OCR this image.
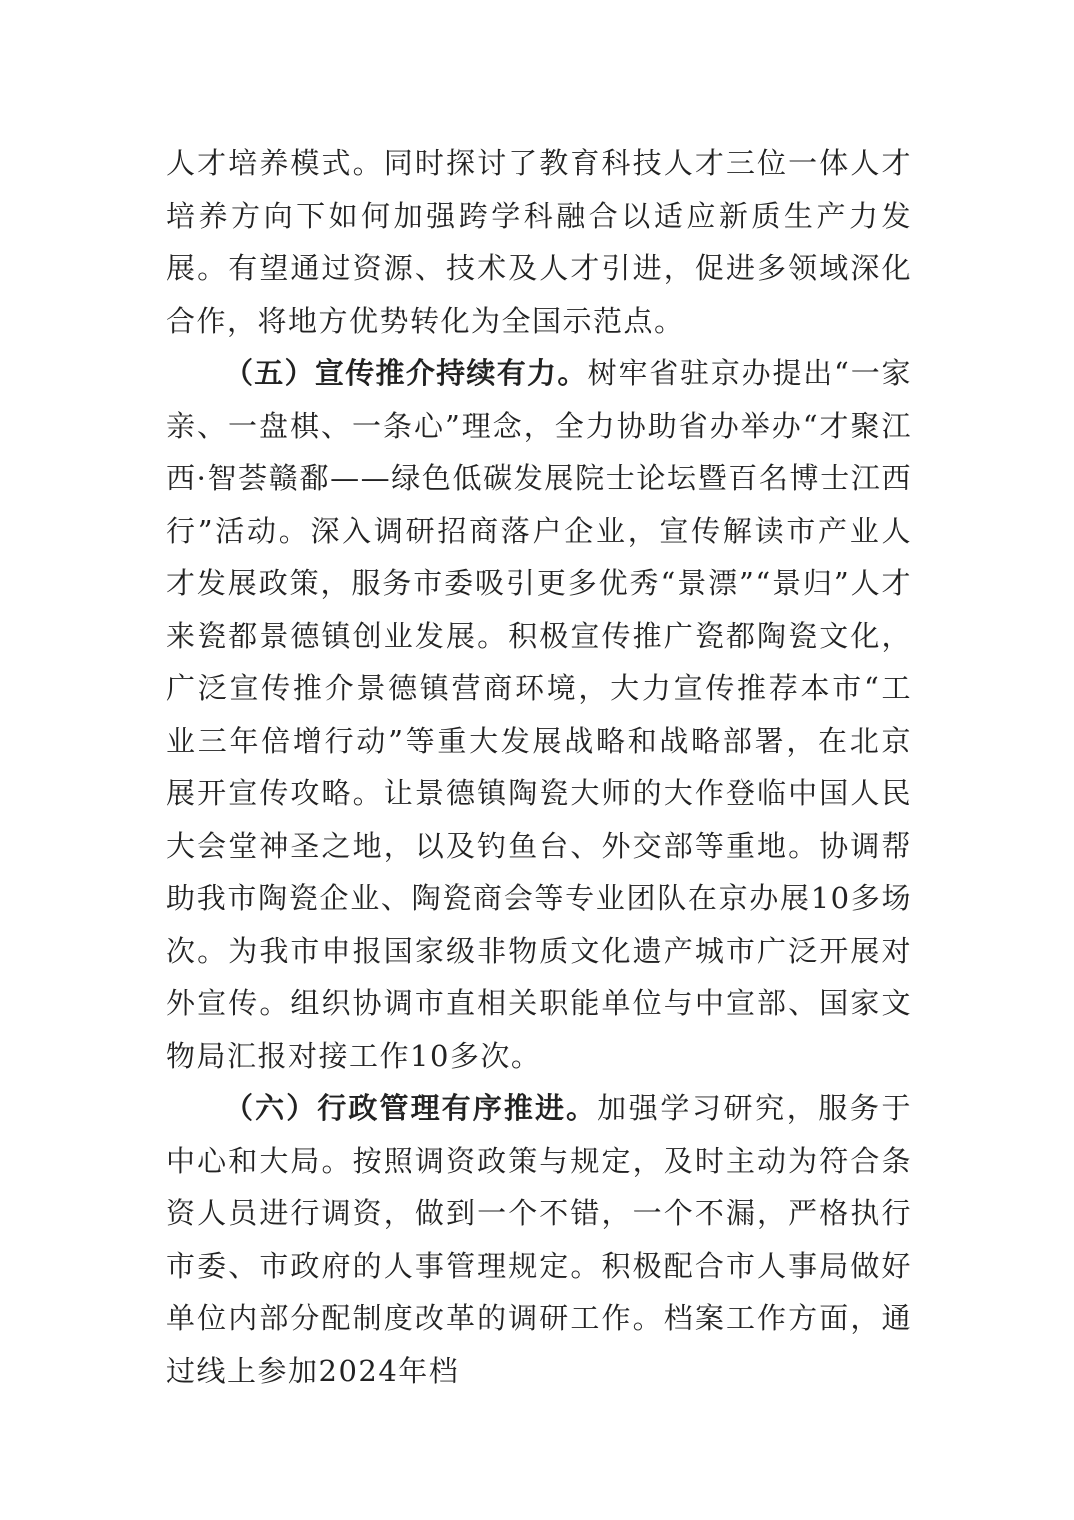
人才培养模式。同时探讨了教育科技人才三位一体人才培养方向下如何加强跨学科融合以适应新质生产力发展。有望通过资源、技术及人才引进，促进多领域深化合作，将地方优势转化为全国示范点。

（五）宣传推介持续有力。树牢省驻京办提出“一家亲、一盘棋、一条心”理念，全力协助省办举办“才聚江西·智荟赣鄱——绿色低碳发展院士论坛暨百名博士江西行”活动。深入调研招商落户企业，宣传解读市产业人才发展政策，服务市委吸引更多优秀“景漂”“景归”人才来瓷都景德镇创业发展。积极宣传推广瓷都陶瓷文化，广泛宣传推介景德镇营商环境，大力宣传推荐本市“工业三年倍增行动”等重大发展战略和战略部署，在北京展开宣传攻略。让景德镇陶瓷大师的大作登临中国人民大会堂神圣之地，以及钓鱼台、外交部等重地。协调帮助我市陶瓷企业、陶瓷商会等专业团队在京办展10多场次。为我市申报国家级非物质文化遗产城市广泛开展对外宣传。组织协调市直相关职能单位与中宣部、国家文物局汇报对接工作10多次。

（六）行政管理有序推进。加强学习研究，服务于中心和大局。按照调资政策与规定，及时主动为符合条资人员进行调资，做到一个不错，一个不漏，严格执行市委、市政府的人事管理规定。积极配合市人事局做好单位内部分配制度改革的调研工作。档案工作方面，通过线上参加2024年档
